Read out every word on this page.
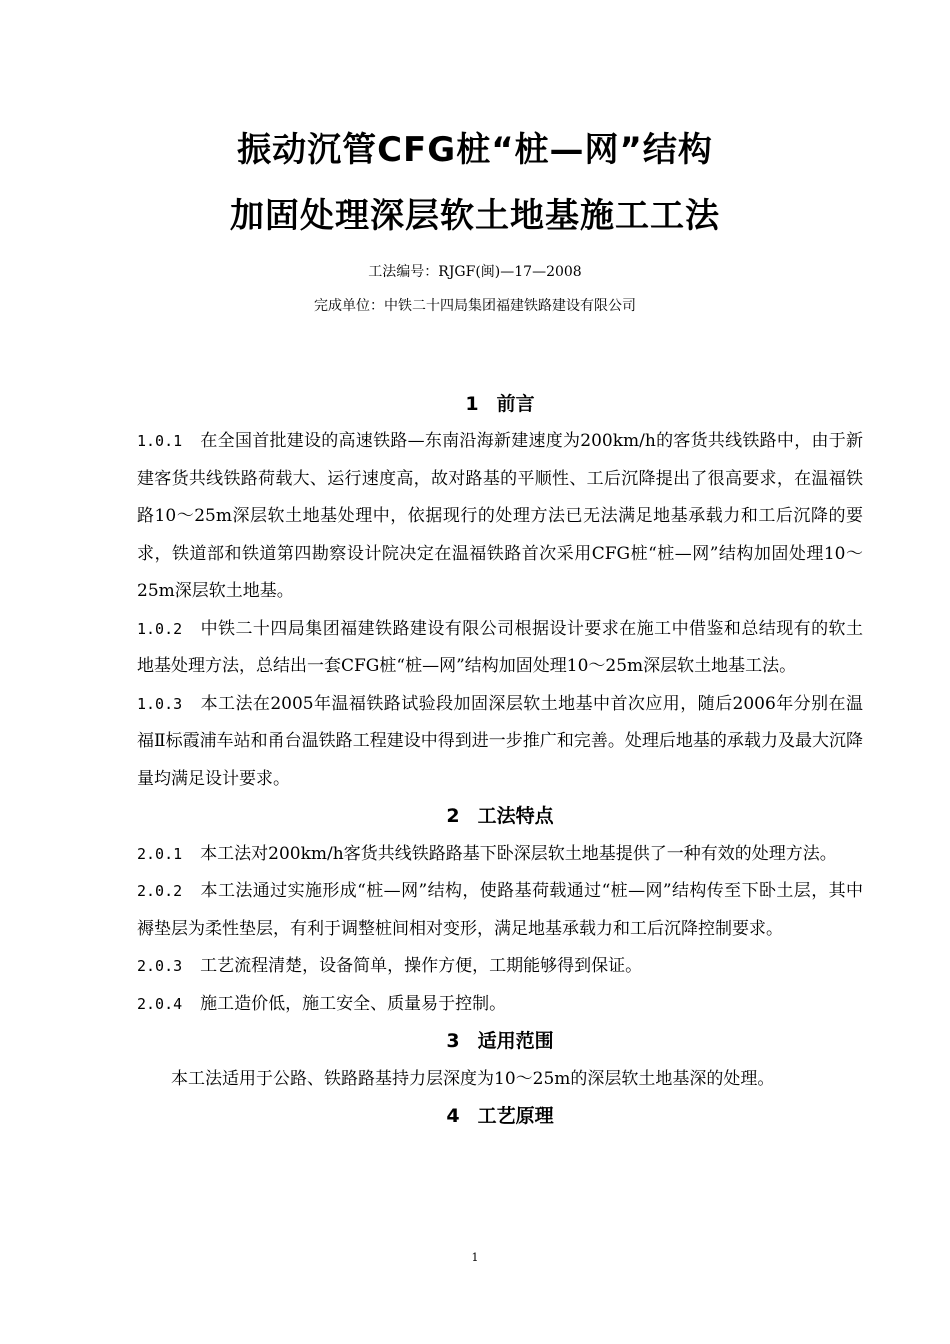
振动沉管CFG桩“桩—网”结构
加固处理深层软土地基施工工法
工法编号：RJGF(闽)—17—2008
完成单位：中铁二十四局集团福建铁路建设有限公司
1 前言
1.0.1 在全国首批建设的高速铁路—东南沿海新建速度为200km/h的客货共线铁路中，由于新建客货共线铁路荷载大、运行速度高，故对路基的平顺性、工后沉降提出了很高要求，在温福铁路10～25m深层软土地基处理中，依据现行的处理方法已无法满足地基承载力和工后沉降的要求，铁道部和铁道第四勘察设计院决定在温福铁路首次采用CFG桩“桩—网”结构加固处理10～25m深层软土地基。
1.0.2 中铁二十四局集团福建铁路建设有限公司根据设计要求在施工中借鉴和总结现有的软土地基处理方法，总结出一套CFG桩“桩—网”结构加固处理10～25m深层软土地基工法。
1.0.3 本工法在2005年温福铁路试验段加固深层软土地基中首次应用，随后2006年分别在温福Ⅱ标霞浦车站和甬台温铁路工程建设中得到进一步推广和完善。处理后地基的承载力及最大沉降量均满足设计要求。
2 工法特点
2.0.1 本工法对200km/h客货共线铁路路基下卧深层软土地基提供了一种有效的处理方法。
2.0.2 本工法通过实施形成“桩—网”结构，使路基荷载通过“桩—网”结构传至下卧土层，其中褥垫层为柔性垫层，有利于调整桩间相对变形，满足地基承载力和工后沉降控制要求。
2.0.3 工艺流程清楚，设备简单，操作方便，工期能够得到保证。
2.0.4 施工造价低，施工安全、质量易于控制。
3 适用范围
本工法适用于公路、铁路路基持力层深度为10～25m的深层软土地基深的处理。
4 工艺原理
1
